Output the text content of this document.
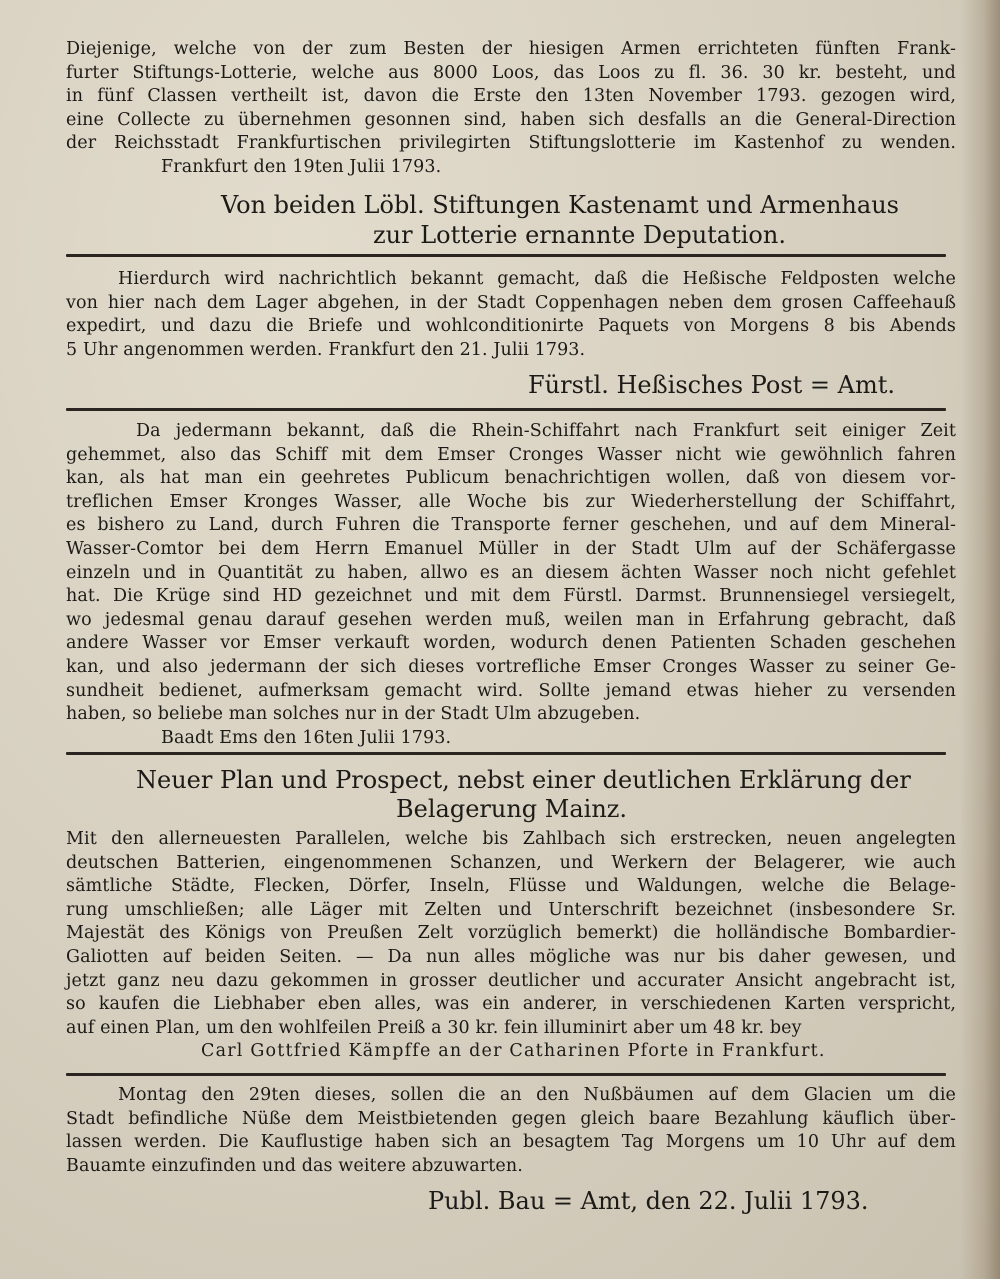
Diejenige, welche von der zum Besten der hiesigen Armen errichteten fünften Frank-
furter Stiftungs-Lotterie, welche aus 8000 Loos, das Loos zu fl. 36. 30 kr. besteht, und
in fünf Classen vertheilt ist, davon die Erste den 13ten November 1793. gezogen wird,
eine Collecte zu übernehmen gesonnen sind, haben sich desfalls an die General-Direction
der Reichsstadt Frankfurtischen privilegirten Stiftungslotterie im Kastenhof zu wenden.
Frankfurt den 19ten Julii 1793.

Von beiden Löbl. Stiftungen Kastenamt und Armenhaus
zur Lotterie ernannte Deputation.

Hierdurch wird nachrichtlich bekannt gemacht, daß die Heßische Feldposten welche
von hier nach dem Lager abgehen, in der Stadt Coppenhagen neben dem grosen Caffeehauß
expedirt, und dazu die Briefe und wohlconditionirte Paquets von Morgens 8 bis Abends
5 Uhr angenommen werden. Frankfurt den 21. Julii 1793.

Fürstl. Heßisches Post = Amt.

Da jedermann bekannt, daß die Rhein-Schiffahrt nach Frankfurt seit einiger Zeit
gehemmet, also das Schiff mit dem Emser Cronges Wasser nicht wie gewöhnlich fahren
kan, als hat man ein geehretes Publicum benachrichtigen wollen, daß von diesem vor-
treflichen Emser Kronges Wasser, alle Woche bis zur Wiederherstellung der Schiffahrt,
es bishero zu Land, durch Fuhren die Transporte ferner geschehen, und auf dem Mineral-
Wasser-Comtor bei dem Herrn Emanuel Müller in der Stadt Ulm auf der Schäfergasse
einzeln und in Quantität zu haben, allwo es an diesem ächten Wasser noch nicht gefehlet
hat. Die Krüge sind HD gezeichnet und mit dem Fürstl. Darmst. Brunnensiegel versiegelt,
wo jedesmal genau darauf gesehen werden muß, weilen man in Erfahrung gebracht, daß
andere Wasser vor Emser verkauft worden, wodurch denen Patienten Schaden geschehen
kan, und also jedermann der sich dieses vortrefliche Emser Cronges Wasser zu seiner Ge-
sundheit bedienet, aufmerksam gemacht wird. Sollte jemand etwas hieher zu versenden
haben, so beliebe man solches nur in der Stadt Ulm abzugeben.
Baadt Ems den 16ten Julii 1793.

Neuer Plan und Prospect, nebst einer deutlichen Erklärung der
Belagerung Mainz.

Mit den allerneuesten Parallelen, welche bis Zahlbach sich erstrecken, neuen angelegten
deutschen Batterien, eingenommenen Schanzen, und Werkern der Belagerer, wie auch
sämtliche Städte, Flecken, Dörfer, Inseln, Flüsse und Waldungen, welche die Belage-
rung umschließen; alle Läger mit Zelten und Unterschrift bezeichnet (insbesondere Sr.
Majestät des Königs von Preußen Zelt vorzüglich bemerkt) die holländische Bombardier-
Galiotten auf beiden Seiten. — Da nun alles mögliche was nur bis daher gewesen, und
jetzt ganz neu dazu gekommen in grosser deutlicher und accurater Ansicht angebracht ist,
so kaufen die Liebhaber eben alles, was ein anderer, in verschiedenen Karten verspricht,
auf einen Plan, um den wohlfeilen Preiß a 30 kr. fein illuminirt aber um 48 kr. bey

Carl Gottfried Kämpffe an der Catharinen Pforte in Frankfurt.

Montag den 29ten dieses, sollen die an den Nußbäumen auf dem Glacien um die
Stadt befindliche Nüße dem Meistbietenden gegen gleich baare Bezahlung käuflich über-
lassen werden. Die Kauflustige haben sich an besagtem Tag Morgens um 10 Uhr auf dem
Bauamte einzufinden und das weitere abzuwarten.

Publ. Bau = Amt, den 22. Julii 1793.
